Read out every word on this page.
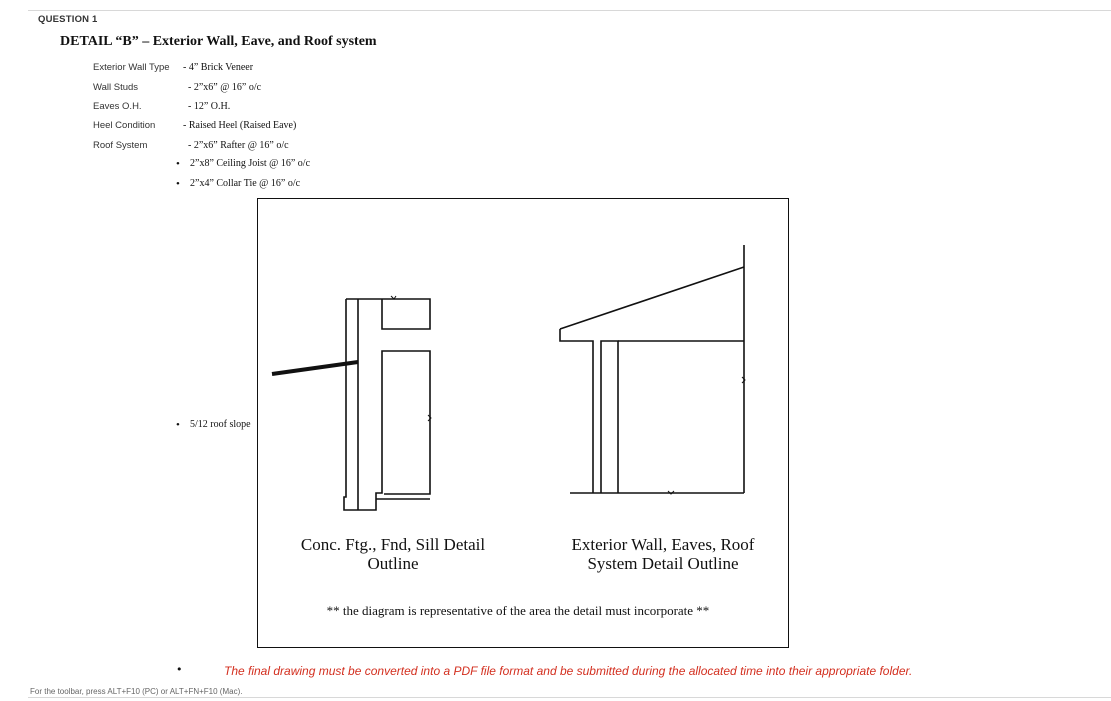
QUESTION 1
DETAIL “B” – Exterior Wall, Eave, and Roof system
Exterior Wall Type - 4” Brick Veneer
Wall Studs	- 2”x6” @ 16” o/c
Eaves O.H.	- 12” O.H.
Heel Condition	- Raised Heel (Raised Eave)
Roof System	- 2”x6” Rafter @ 16” o/c
• 2”x8” Ceiling Joist @ 16” o/c
• 2”x4” Collar Tie @ 16” o/c
• 5/12 roof slope
Conc. Ftg., Fnd, Sill Detail Outline
Exterior Wall, Eaves, Roof System Detail Outline
** the diagram is representative of the area the detail must incorporate **
•	The final drawing must be converted into a PDF file format and be submitted during the allocated time into their appropriate folder.
For the toolbar, press ALT+F10 (PC) or ALT+FN+F10 (Mac).
